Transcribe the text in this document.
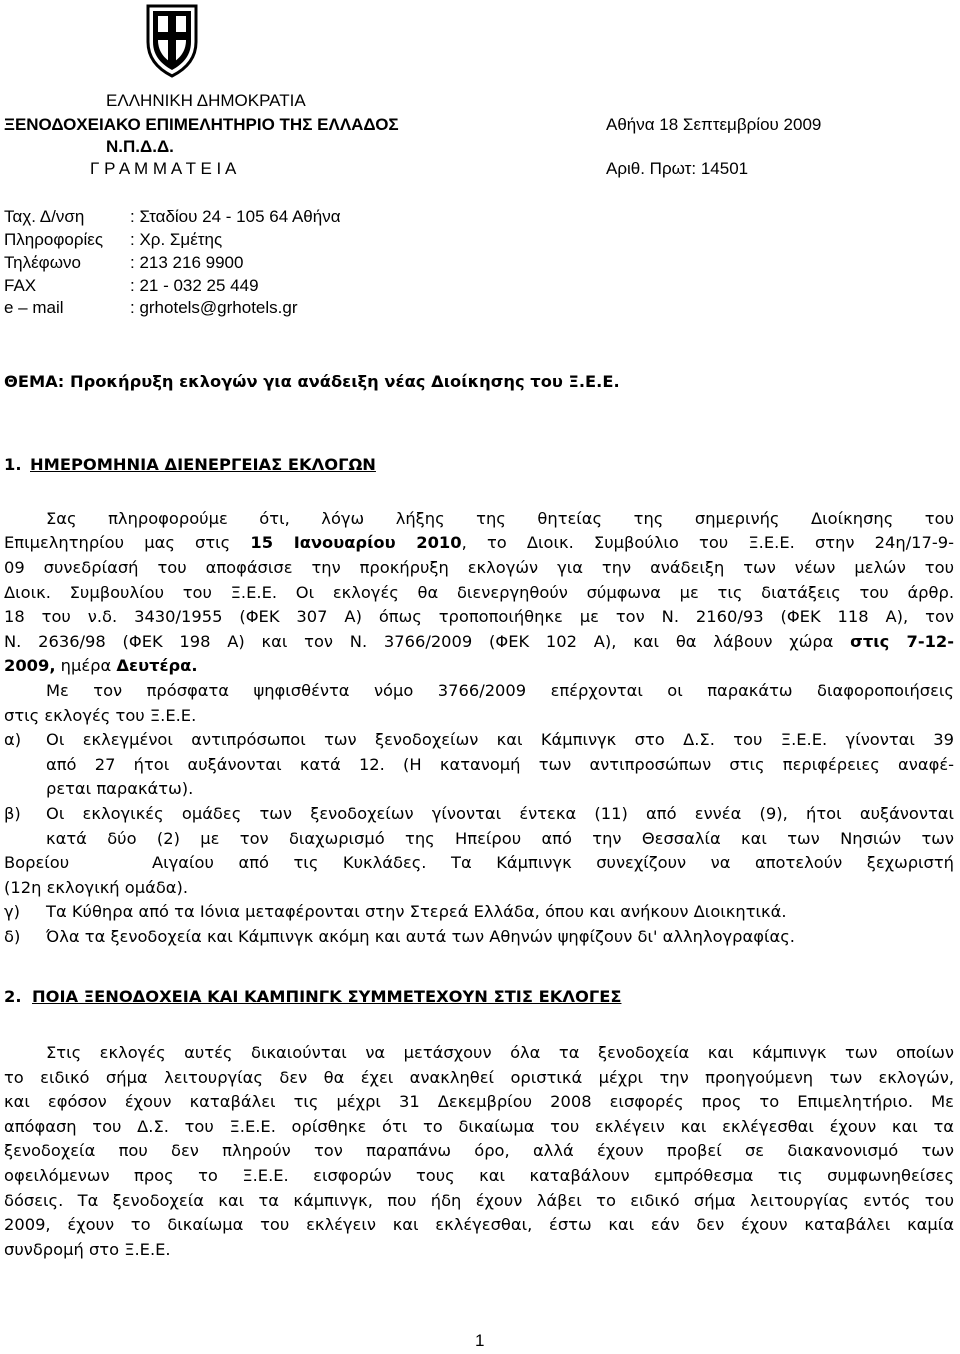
ΕΛΛΗΝΙΚΗ ΔΗΜΟΚΡΑΤΙΑ
ΞΕΝΟΔΟΧΕΙΑΚΟ ΕΠΙΜΕΛΗΤΗΡΙΟ ΤΗΣ ΕΛΛΑΔΟΣ
Ν.Π.Δ.Δ.
Γ Ρ Α Μ Μ Α Τ Ε Ι Α
Αθήνα 18 Σεπτεμβρίου 2009
Αριθ. Πρωτ: 14501
Ταχ. Δ/νση	: Σταδίου 24 - 105 64 Αθήνα
Πληροφορίες : Χρ. Σμέτης
Τηλέφωνο	: 213 216 9900
FAX	: 21 - 032 25 449
e – mail	: grhotels@grhotels.gr
ΘΕΜΑ: Προκήρυξη εκλογών για ανάδειξη νέας Διοίκησης του Ξ.Ε.Ε.
1. ΗΜΕΡΟΜΗΝΙΑ ΔΙΕΝΕΡΓΕΙΑΣ ΕΚΛΟΓΩΝ
Σας πληροφορούμε ότι, λόγω λήξης της θητείας της σημερινής Διοίκησης του
Επιμελητηρίου μας στις 15 Ιανουαρίου 2010, το Διοικ. Συμβούλιο του Ξ.Ε.Ε. στην 24η/17-9-
09 συνεδρίασή του αποφάσισε την προκήρυξη εκλογών για την ανάδειξη των νέων μελών του
Διοικ. Συμβουλίου του Ξ.Ε.Ε. Οι εκλογές θα διενεργηθούν σύμφωνα με τις διατάξεις του άρθρ.
18 του ν.δ. 3430/1955 (ΦΕΚ 307 Α) όπως τροποποιήθηκε με τον Ν. 2160/93 (ΦΕΚ 118 Α), τον
Ν. 2636/98 (ΦΕΚ 198 Α) και τον Ν. 3766/2009 (ΦΕΚ 102 Α), και θα λάβουν χώρα στις 7-12-
2009, ημέρα Δευτέρα.
Με τον πρόσφατα ψηφισθέντα νόμο 3766/2009 επέρχονται οι παρακάτω διαφοροποιήσεις
στις εκλογές του Ξ.Ε.Ε.
α) Οι εκλεγμένοι αντιπρόσωποι των ξενοδοχείων και Κάμπινγκ στο Δ.Σ. του Ξ.Ε.Ε. γίνονται 39
από 27 ήτοι αυξάνονται κατά 12. (Η κατανομή των αντιπροσώπων στις περιφέρειες αναφέ-
ρεται παρακάτω).
β) Οι εκλογικές ομάδες των ξενοδοχείων γίνονται έντεκα (11) από εννέα (9), ήτοι αυξάνονται
κατά δύο (2) με τον διαχωρισμό της Ηπείρου από την Θεσσαλία και των Νησιών των
Βορείου	Αιγαίου από τις Κυκλάδες. Τα Κάμπινγκ συνεχίζουν να αποτελούν ξεχωριστή
(12η εκλογική ομάδα).
γ) Τα Κύθηρα από τα Ιόνια μεταφέρονται στην Στερεά Ελλάδα, όπου και ανήκουν Διοικητικά.
δ) Όλα τα ξενοδοχεία και Κάμπινγκ ακόμη και αυτά των Αθηνών ψηφίζουν δι' αλληλογραφίας.
2. ΠΟΙΑ ΞΕΝΟΔΟΧΕΙΑ ΚΑΙ ΚΑΜΠΙΝΓΚ ΣΥΜΜΕΤΕΧΟΥΝ ΣΤΙΣ ΕΚΛΟΓΕΣ
Στις εκλογές αυτές δικαιούνται να μετάσχουν όλα τα ξενοδοχεία και κάμπινγκ των οποίων
το ειδικό σήμα λειτουργίας δεν θα έχει ανακληθεί οριστικά μέχρι την προηγούμενη των εκλογών,
και εφόσον έχουν καταβάλει τις μέχρι 31 Δεκεμβρίου 2008 εισφορές προς το Επιμελητήριο. Με
απόφαση του Δ.Σ. του Ξ.Ε.Ε. ορίσθηκε ότι το δικαίωμα του εκλέγειν και εκλέγεσθαι έχουν και τα
ξενοδοχεία που δεν πληρούν τον παραπάνω όρο, αλλά έχουν προβεί σε διακανονισμό των
οφειλόμενων προς το Ξ.Ε.Ε. εισφορών τους και καταβάλουν εμπρόθεσμα τις συμφωνηθείσες
δόσεις. Τα ξενοδοχεία και τα κάμπινγκ, που ήδη έχουν λάβει το ειδικό σήμα λειτουργίας εντός του
2009, έχουν το δικαίωμα του εκλέγειν και εκλέγεσθαι, έστω και εάν δεν έχουν καταβάλει καμία
συνδρομή στο Ξ.Ε.Ε.
1
